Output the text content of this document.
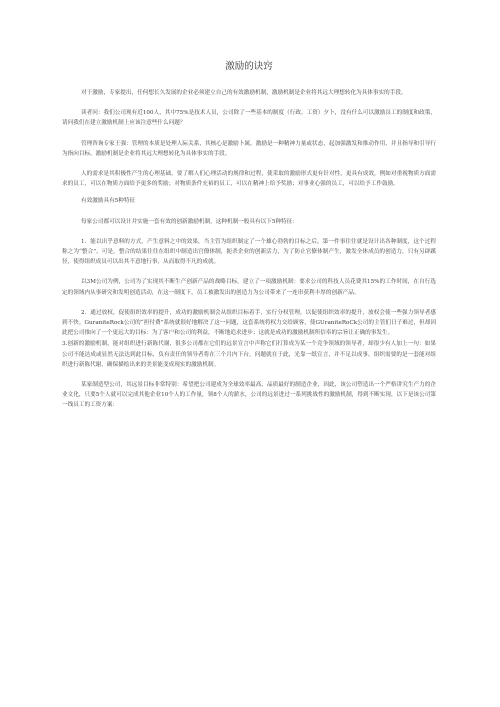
激励的诀窍

对于激励，专家提出，任何想长久发展的企业必须建立自己的有效激励机制，激励机制是企业将其远大理想转化为具体事实的手段。

读者问：我们公司现有近100人，其中75%是技术人员，公司除了一些基本的制度（行政、工资）夕卜，没有什么可以激励员工的制度和政策，请问我们在建立激励机制上应该注意些什么问题？

管理咨询专家王强：管理的本质是处理人际关系，其核心是激励卜属，激励是一种精神力量或状态，起加强激发和推动作用，并且指导和引导行为指向目标。激励机制是企业将其远大理想转化为具体事实的手段。

人的需求是其积极性产生的心理基础，要了解人们心理活动的规律和过程，使采取的激励形式更有针对性，更具有成效，例如对重视物质方面需求的员工，可以在物质方面给予更多的奖励；对物质条件充裕的员工，可以在精神上给予奖励；对事业心强的员工，可以给予工作鼓励。

有效激励具有5种特征

每家公司都可以设计并实施一套有效的创新激励机制，这种机制一般具有以下5种特征：

1．能以出乎意料的方式，产生意料之中的效果，当主管为组织制定了一个雄心勃勃的目标之后，第一件事往往就是设计出各种制度，这个过程称之为“整合”，可是，整合的结果往往在组织中制造出官僚体制，扼杀企业的创新活力，为了防止官僚体制产生，激发全体成员的创造力，只有另辟蹊径，使得组织成员可以出其不意地行事，从而取得不凡的成就。

以3M公司为例，公司为了实现其不断生产创新产品的战略目标，建立了一项激励机制：要求公司的科技人员花费其15%的工作时间，在自行选定的领域内从事研究和发明创造活动，在这一制度下，员工被激发出的创造力为公司带来了一连串获利丰厚的创新产品。

2．通过放权，促使组织效率的提升，成功的激励机制会从组织目标着手，实行分权管理，以促使组织效率的提升，放权会使一些强力领导者感到不快。GuraniteRock公司的“担付费”系统就很好地解决了这一问题，这套系统将权力交给顾客，使GUraniteRoCk公司的主管们日子难过，但却因此把公司推向了一个更远大的目标：为了客户和公司的利益，不断地追求进步；这就是成功的激励机制所信奉的宗旨让正确的事发生。

3.创新的激励机制，能对组织进行新陈代谢，很多公司都在它们的远景宣言中声称它们打算成为某一个竞争领域的领导者，却很少有人加上一句：如果公司不能达成或显然无法达到此目标，负有责任的领导者将在三个月内下台，问题就在于此，光靠一纸宣言，并不足以成事，组织需要的是一套能对组织进行新陈代谢，确保描绘出来的美景能变成现实的激励机制。

某家制造型公司，其远景目标非常特别：希望把公司建成为全球效率最高、品质最好的制造企业，因此，该公司塑造出一个严格讲究生产力的企业文化，只要5个人就可以完成其他企业10个人的工作量，领8个人的薪水，公司的远景进过一系列挑战性的激励机制，得到不断实现，以下是该公司第一线员工的工资方案：
